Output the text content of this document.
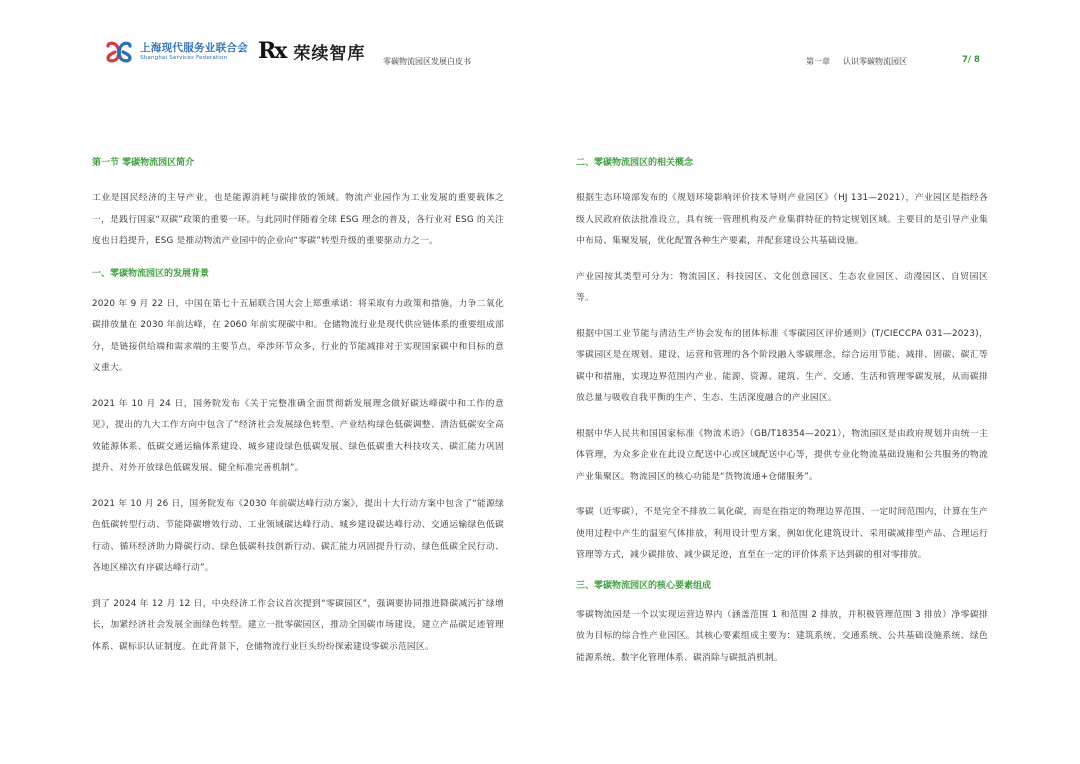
上海现代服务业联合会
Shanghai Services Federation	Rx 荣续智库 零碳物流园区发展白皮书	第一章 认识零碳物流园区	7/ 8
第一节 零碳物流园区简介

工业是国民经济的主导产业，也是能源消耗与碳排放的领域。物流产业园作为工业发展的重要载体之一，是践行国家“双碳”政策的重要一环。与此同时伴随着全球 ESG 理念的普及，各行业对 ESG 的关注度也日趋提升，ESG 是推动物流产业园中的企业向“零碳”转型升级的重要驱动力之一。

一、零碳物流园区的发展背景

2020 年 9 月 22 日，中国在第七十五届联合国大会上郑重承诺：将采取有力政策和措施，力争二氧化碳排放量在 2030 年前达峰，在 2060 年前实现碳中和。仓储物流行业是现代供应链体系的重要组成部分，是链接供给端和需求端的主要节点，牵涉环节众多，行业的节能减排对于实现国家碳中和目标的意义重大。

2021 年 10 月 24 日，国务院发布《关于完整准确全面贯彻新发展理念做好碳达峰碳中和工作的意见》，提出的九大工作方向中包含了“经济社会发展绿色转型、产业结构绿色低碳调整、清洁低碳安全高效能源体系、低碳交通运输体系建设、城乡建设绿色低碳发展、绿色低碳重大科技攻关、碳汇能力巩固提升、对外开放绿色低碳发展、健全标准完善机制”。

2021 年 10 月 26 日，国务院发布《2030 年前碳达峰行动方案》，提出十大行动方案中包含了“能源绿色低碳转型行动、节能降碳增效行动、工业领域碳达峰行动、城乡建设碳达峰行动、交通运输绿色低碳行动、循环经济助力降碳行动、绿色低碳科技创新行动、碳汇能力巩固提升行动、绿色低碳全民行动、各地区梯次有序碳达峰行动”。

到了 2024 年 12 月 12 日，中央经济工作会议首次提到“零碳园区”，强调要协同推进降碳减污扩绿增长，加紧经济社会发展全面绿色转型。建立一批零碳园区，推动全国碳市场建设，建立产品碳足迹管理体系、碳标识认证制度。在此背景下，仓储物流行业巨头纷纷探索建设零碳示范园区。

二、零碳物流园区的相关概念

根据生态环境部发布的《规划环境影响评价技术导则产业园区》（HJ 131—2021），产业园区是指经各级人民政府依法批准设立，具有统一管理机构及产业集群特征的特定规划区域。主要目的是引导产业集中布局、集聚发展，优化配置各种生产要素，并配套建设公共基础设施。

产业园按其类型可分为：物流园区、科技园区、文化创意园区、生态农业园区、动漫园区、自贸园区等。

根据中国工业节能与清洁生产协会发布的团体标准《零碳园区评价通则》(T/CIECCPA 031—2023)，零碳园区是在规划、建设、运营和管理的各个阶段融入零碳理念，综合运用节能、减排、固碳、碳汇等碳中和措施，实现边界范围内产业、能源、资源、建筑、生产、交通、生活和管理零碳发展，从而碳排放总量与吸收自我平衡的生产、生态、生活深度融合的产业园区。

根据中华人民共和国国家标准《物流术语》（GB/T18354—2021），物流园区是由政府规划并由统一主体管理，为众多企业在此设立配送中心或区域配送中心等，提供专业化物流基础设施和公共服务的物流产业集聚区。物流园区的核心功能是“货物流通+仓储服务”。

零碳（近零碳），不是完全不排放二氧化碳，而是在指定的物理边界范围、一定时间范围内，计算在生产使用过程中产生的温室气体排放，利用设计型方案，例如优化建筑设计、采用碳减排型产品、合理运行管理等方式，减少碳排放、减少碳足迹，直至在一定的评价体系下达到碳的相对零排放。

三、零碳物流园区的核心要素组成

零碳物流园是一个以实现运营边界内（涵盖范围 1 和范围 2 排放，并积极管理范围 3 排放）净零碳排放为目标的综合性产业园区。其核心要素组成主要为：建筑系统、交通系统、公共基础设施系统、绿色能源系统、数字化管理体系、碳消除与碳抵消机制。
